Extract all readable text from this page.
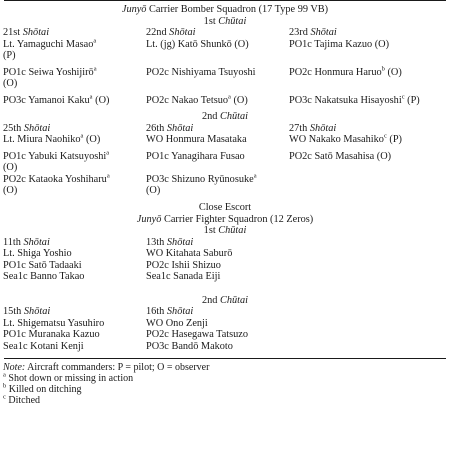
Junyō Carrier Bomber Squadron (17 Type 99 VB)
1st Chūtai
21st Shōtai	22nd Shōtai	23rd Shōtai
Lt. Yamaguchi Masao$^a$	Lt. (jg) Katō Shunkō (O)	PO1c Tajima Kazuo (O)
(P)
PO1c Seiwa Yoshijirō$^a$	PO2c Nishiyama Tsuyoshi	PO2c Honmura Haruo$^b$ (O)
(O)
PO3c Yamanoi Kaku$^a$ (O)	PO2c Nakao Tetsuo$^a$ (O)	PO3c Nakatsuka Hisayoshi$^c$ (P)
2nd Chūtai
25th Shōtai	26th Shōtai	27th Shōtai
Lt. Miura Naohiko$^a$ (O)	WO Honmura Masataka	WO Nakako Masahiko$^c$ (P)
PO1c Yabuki Katsuyoshi$^a$	PO1c Yanagihara Fusao	PO2c Satō Masahisa (O)
(O)
PO2c Kataoka Yoshiharu$^a$	PO3c Shizuno Ryūnosuke$^a$
(O)	(O)
Close Escort
Junyō Carrier Fighter Squadron (12 Zeros)
1st Chūtai
11th Shōtai	13th Shōtai
Lt. Shiga Yoshio	WO Kitahata Saburō
PO1c Satō Tadaaki	PO2c Ishii Shizuo
Sea1c Banno Takao	Sea1c Sanada Eiji
2nd Chūtai
15th Shōtai	16th Shōtai
Lt. Shigematsu Yasuhiro	WO Ono Zenji
PO1c Muranaka Kazuo	PO2c Hasegawa Tatsuzo
Sea1c Kotani Kenji	PO3c Bandō Makoto
Note: Aircraft commanders: P = pilot; O = observer
$^a$ Shot down or missing in action
$^b$ Killed on ditching
$^c$ Ditched
